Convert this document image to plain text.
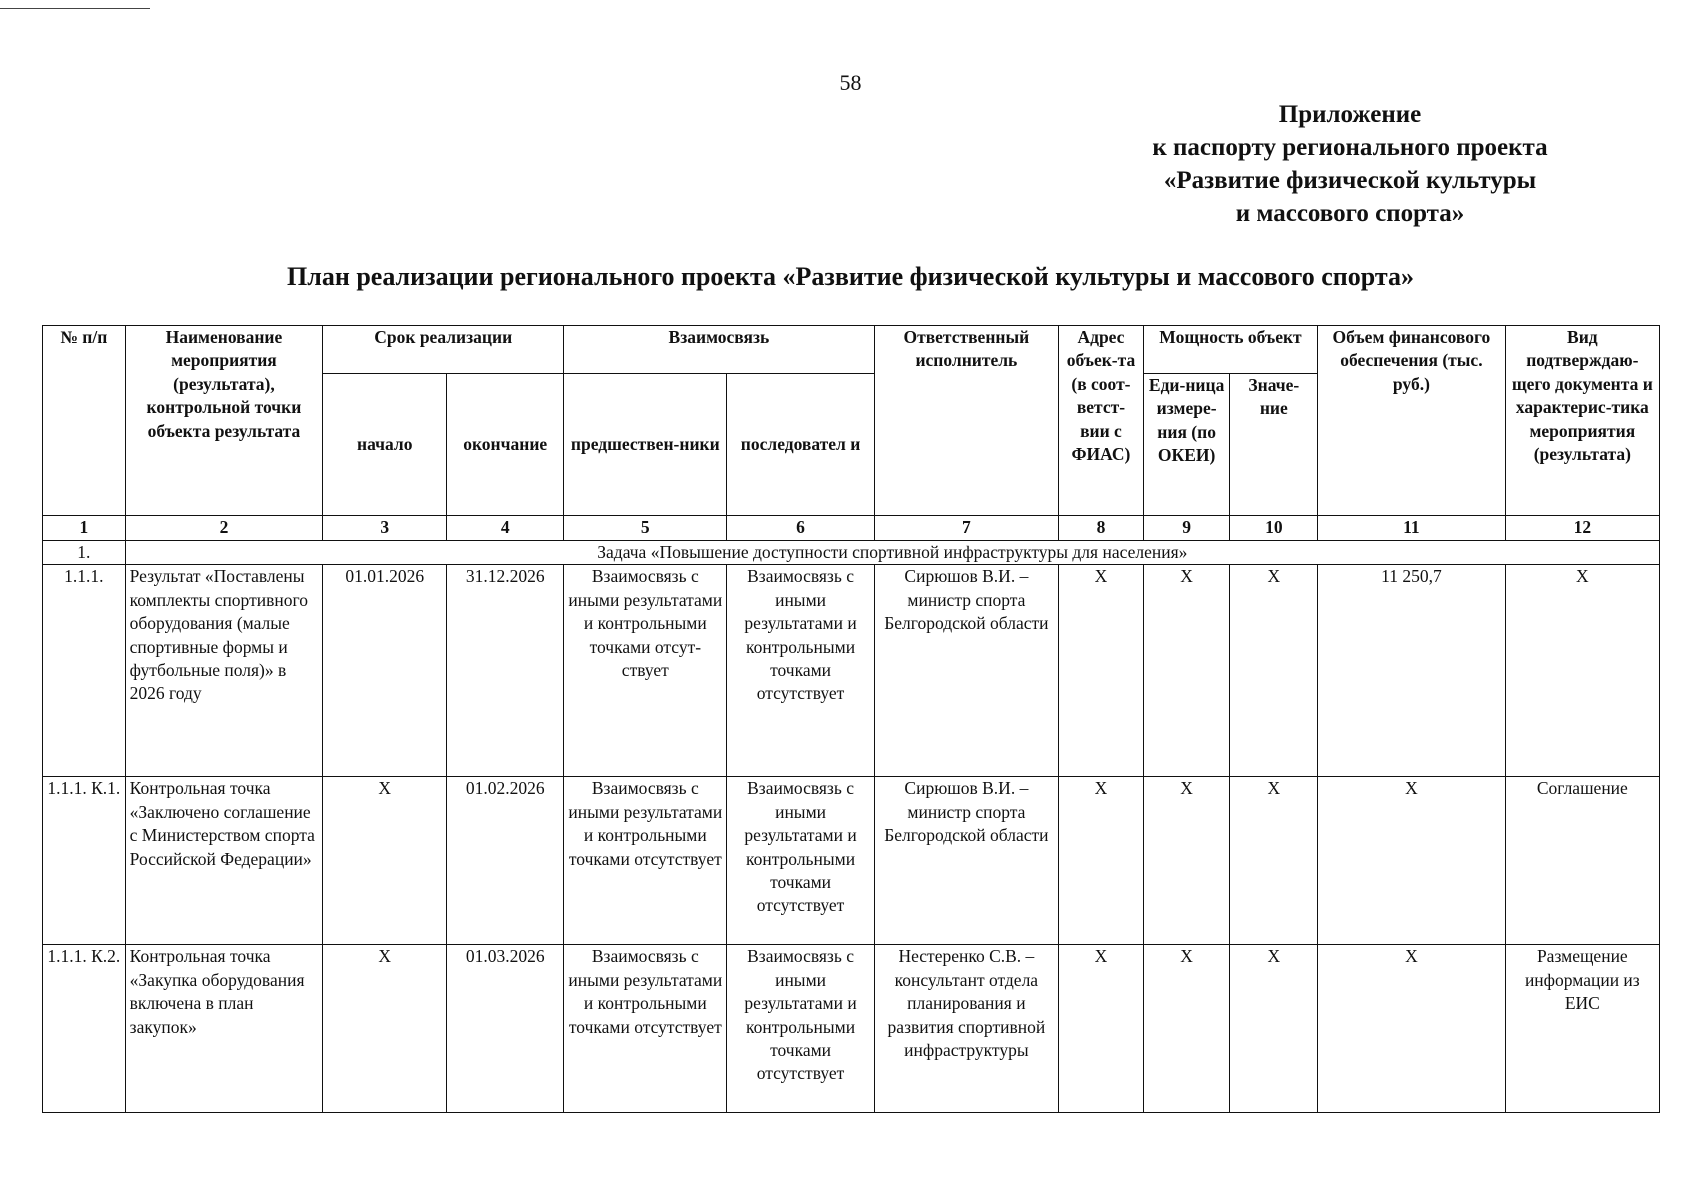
58
Приложение
к паспорту регионального проекта
«Развитие физической культуры
и массового спорта»
План реализации регионального проекта «Развитие физической культуры и массового спорта»
№ п/п	Наименование мероприятия (результата), контрольной точки объекта результата	Срок реализации		Взаимосвязь		Ответственный исполнитель	Адрес объек-та (в соот-ветст-вии с ФИАС)	Мощность объект		Объем финансового обеспечения (тыс. руб.)	Вид подтверждаю-щего документа и характерис-тика мероприятия (результата)
		начало	окончание	предшествен-ники	последовател и			Еди-ница измере-ния (по ОКЕИ)	Значе-ние		
1	2	3	4	5	6	7	8	9	10	11	12
1.	Задача «Повышение доступности спортивной инфраструктуры для населения»										
1.1.1.	Результат «Поставлены комплекты спортивного оборудования (малые спортивные формы и футбольные поля)» в 2026 году	01.01.2026	31.12.2026	Взаимосвязь с иными результатами и контрольными точками отсут-ствует	Взаимосвязь с иными результатами и контрольными точками отсутствует	Сирюшов В.И. – министр спорта Белгородской области	X	X	X	11 250,7	X
1.1.1. К.1.	Контрольная точка «Заключено соглашение с Министерством спорта Российской Федерации»	X	01.02.2026	Взаимосвязь с иными результатами и контрольными точками отсутствует	Взаимосвязь с иными результатами и контрольными точками отсутствует	Сирюшов В.И. – министр спорта Белгородской области	X	X	X	X	Соглашение
1.1.1. К.2.	Контрольная точка «Закупка оборудования включена в план закупок»	X	01.03.2026	Взаимосвязь с иными результатами и контрольными точками отсутствует	Взаимосвязь с иными результатами и контрольными точками отсутствует	Нестеренко С.В. – консультант отдела планирования и развития спортивной инфраструктуры	X	X	X	X	Размещение информации из ЕИС
